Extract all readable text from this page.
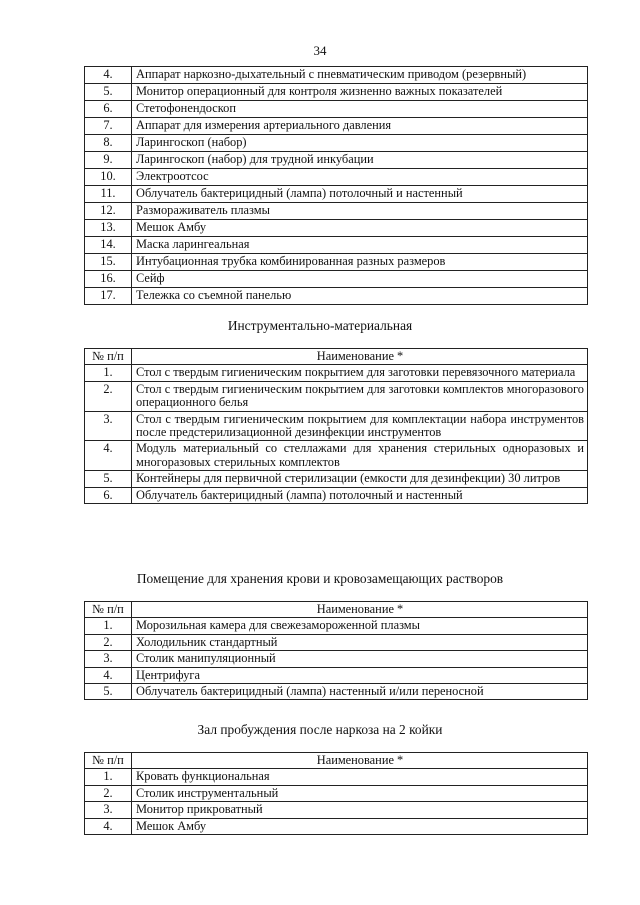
34
4.	Аппарат наркозно-дыхательный с пневматическим приводом (резервный)
5.	Монитор операционный для контроля жизненно важных показателей
6.	Стетофонендоскоп
7.	Аппарат для измерения артериального давления
8.	Ларингоскоп (набор)
9.	Ларингоскоп (набор) для трудной инкубации
10.	Электроотсос
11.	Облучатель бактерицидный (лампа) потолочный и настенный
12.	Размораживатель плазмы
13.	Мешок Амбу
14.	Маска ларингеальная
15.	Интубационная трубка комбинированная разных размеров
16.	Сейф
17.	Тележка со съемной панелью
Инструментально-материальная
№ п/п	Наименование *
1.	Стол с твердым гигиеническим покрытием для заготовки перевязочного материала
2.	Стол с твердым гигиеническим покрытием для заготовки комплектов многоразового операционного белья
3.	Стол с твердым гигиеническим покрытием для комплектации набора инструментов после предстерилизационной дезинфекции инструментов
4.	Модуль материальный со стеллажами для хранения стерильных одноразовых и многоразовых стерильных комплектов
5.	Контейнеры для первичной стерилизации (емкости для дезинфекции) 30 литров
6.	Облучатель бактерицидный (лампа) потолочный и настенный
Помещение для хранения крови и кровозамещающих растворов
№ п/п	Наименование *
1.	Морозильная камера для свежезамороженной плазмы
2.	Холодильник стандартный
3.	Столик манипуляционный
4.	Центрифуга
5.	Облучатель бактерицидный (лампа) настенный и/или переносной
Зал пробуждения после наркоза на 2 койки
№ п/п	Наименование *
1.	Кровать функциональная
2.	Столик инструментальный
3.	Монитор прикроватный
4.	Мешок Амбу
